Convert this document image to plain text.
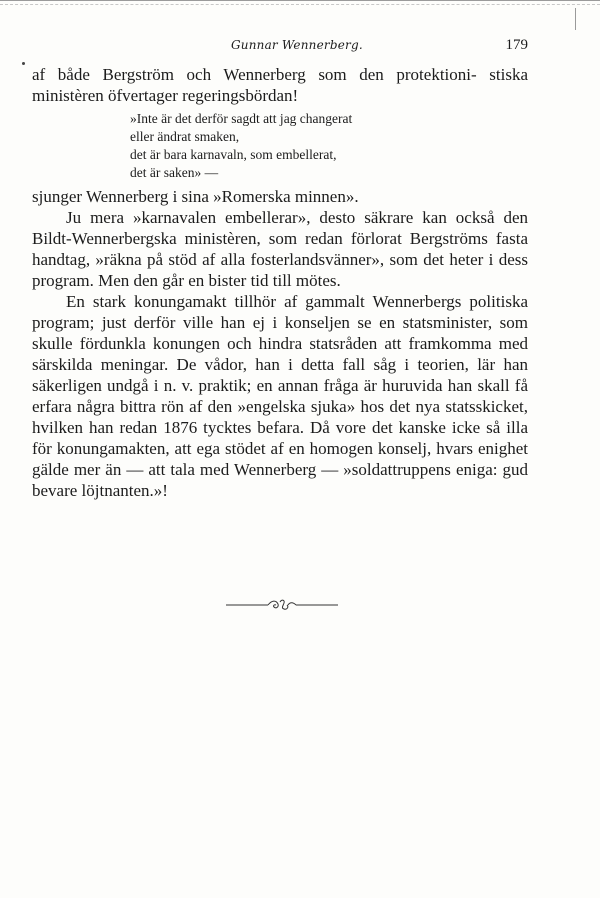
Gunnar Wennerberg.	179

af både Bergström och Wennerberg som den protektioni- stiska ministèren öfvertager regeringsbördan!

»Inte är det derför sagdt att jag changerat
eller ändrat smaken,
det är bara karnavaln, som embellerat,
det är saken» —

sjunger Wennerberg i sina »Romerska minnen».

Ju mera »karnavalen embellerar», desto säkrare kan också den Bildt-Wennerbergska ministèren, som redan förlorat Bergströms fasta handtag, »räkna på stöd af alla fosterlandsvänner», som det heter i dess program. Men den går en bister tid till mötes.

En stark konungamakt tillhör af gammalt Wennerbergs politiska program; just derför ville han ej i konseljen se en statsminister, som skulle fördunkla konungen och hindra statsråden att framkomma med särskilda meningar. De vådor, han i detta fall såg i teorien, lär han säkerligen undgå i n. v. praktik; en annan fråga är huruvida han skall få erfara några bittra rön af den »engelska sjuka» hos det nya statsskicket, hvilken han redan 1876 tycktes befara. Då vore det kanske icke så illa för konungamakten, att ega stödet af en homogen konselj, hvars enighet gälde mer än — att tala med Wennerberg — »soldattruppens eniga: gud bevare löjtnanten.»!
